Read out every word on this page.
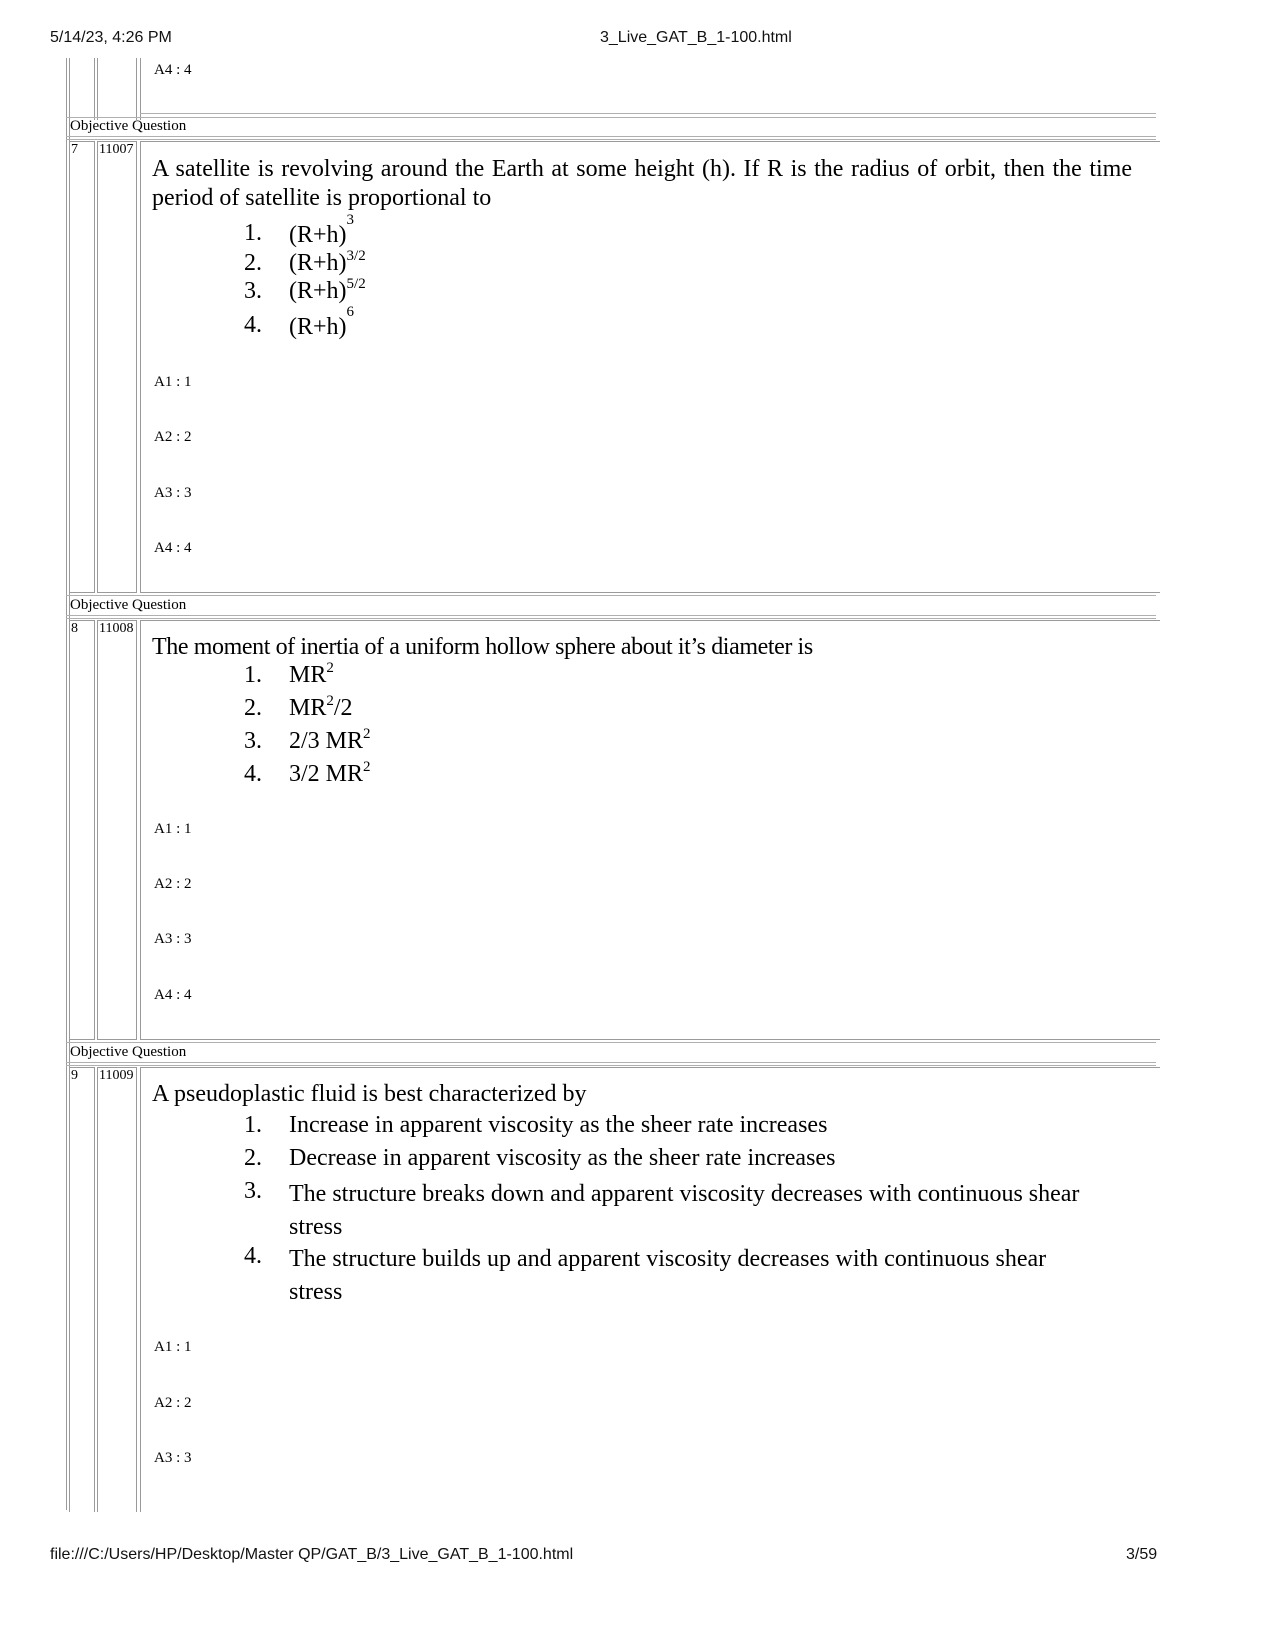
5/14/23, 4:26 PM	3_Live_GAT_B_1-100.html
A4 : 4
Objective Question
7 11007
A satellite is revolving around the Earth at some height (h). If R is the radius of orbit, then the time period of satellite is proportional to
1. $(R+h)^3$
2. $(R+h)^{3/2}$
3. $(R+h)^{5/2}$
4. $(R+h)^6$
A1 : 1
A2 : 2
A3 : 3
A4 : 4
Objective Question
8 11008
The moment of inertia of a uniform hollow sphere about it’s diameter is
1. $MR^2$
2. $MR^2/2$
3. 2/3 $MR^2$
4. 3/2 $MR^2$
A1 : 1
A2 : 2
A3 : 3
A4 : 4
Objective Question
9 11009
A pseudoplastic fluid is best characterized by
1. Increase in apparent viscosity as the sheer rate increases
2. Decrease in apparent viscosity as the sheer rate increases
3. The structure breaks down and apparent viscosity decreases with continuous shear stress
4. The structure builds up and apparent viscosity decreases with continuous shear stress
A1 : 1
A2 : 2
A3 : 3
file:///C:/Users/HP/Desktop/Master QP/GAT_B/3_Live_GAT_B_1-100.html	3/59
